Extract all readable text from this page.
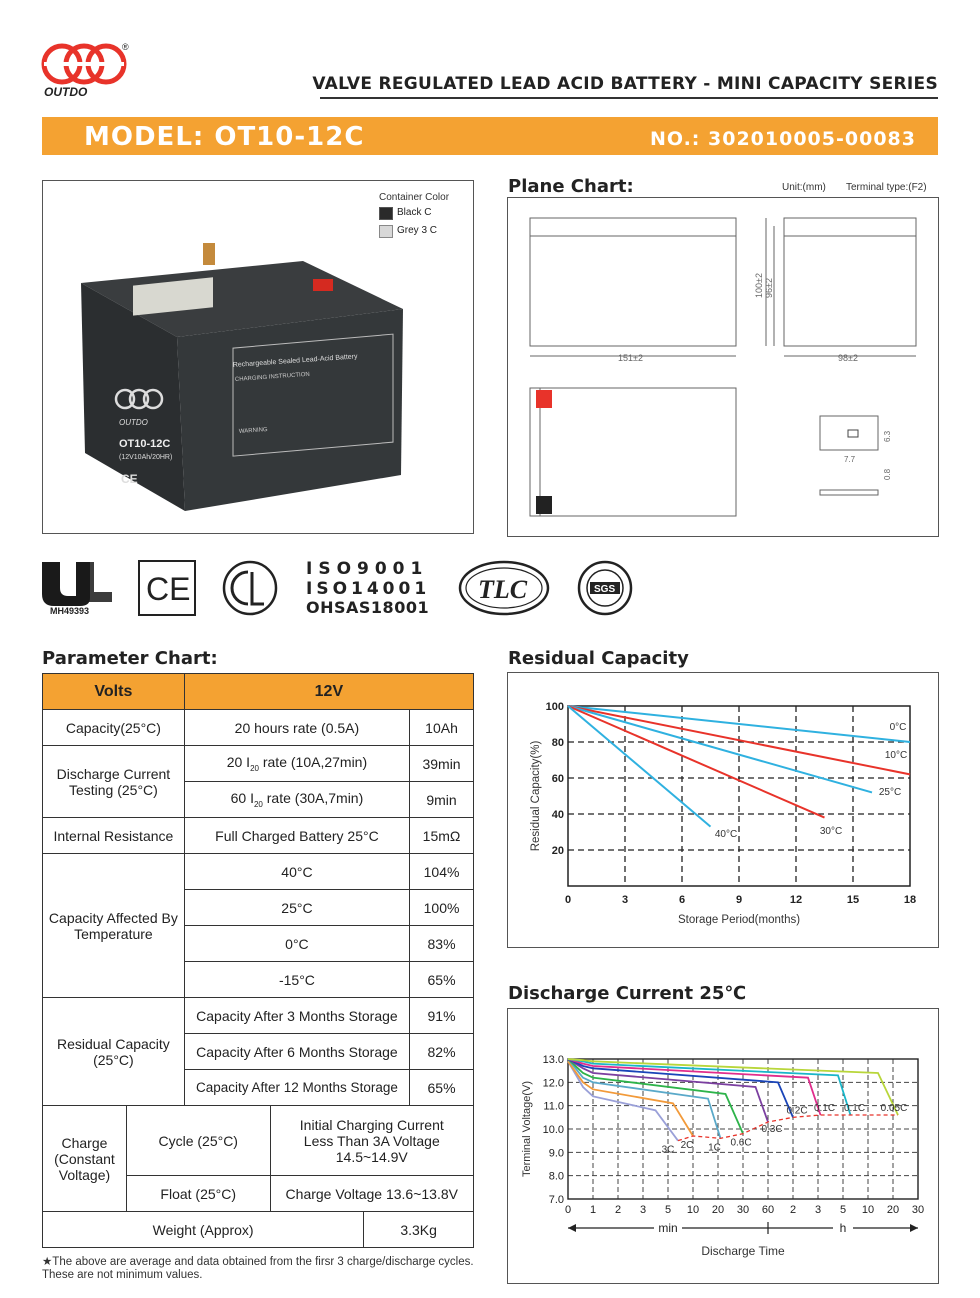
OUTDO
®
VALVE REGULATED LEAD ACID BATTERY - MINI CAPACITY SERIES
MODEL: OT10-12C	NO.: 302010005-00083
Container Color
Black C
Grey 3 C
Rechargeable Sealed Lead-Acid Battery
CHARGING INSTRUCTION
WARNING
OUTDO
OT10-12C
(12V10Ah/20HR)
CE
Plane Chart:	Unit:(mm) Terminal type:(F2)
151±2	98±2
100±2 96±2
6.3
7.7
0.8
MH49393
CE
ISO9001
ISO14001
OHSAS18001
TLC	SGS
Parameter Chart:
Volts		12V			
Capacity(25°C)		20 hours rate (0.5A)			10Ah
Discharge Current Testing (25°C)		20 $I_{20}$ rate (10A,27min)			39min
		60 $I_{20}$ rate (30A,7min)			9min
Internal Resistance		Full Charged Battery 25°C			15mΩ
Capacity Affected By Temperature		40°C			104%
		25°C			100%
		0°C			83%
		-15°C			65%
Residual Capacity (25°C)		Capacity After 3 Months Storage			91%
		Capacity After 6 Months Storage			82%
		Capacity After 12 Months Storage			65%
Charge (Constant Voltage)	Cycle (25°C)		Initial Charging Current Less Than 3A Voltage 14.5~14.9V		
	Float (25°C)		Charge Voltage 13.6~13.8V		
Weight (Approx)				3.3Kg	
★The above are average and data obtained from the firsr 3 charge/discharge cycles. These are not minimum values.
Residual Capacity
0	3	6	9	12	15	18
20
40
60
80
100
0°C
10°C
25°C
30°C
40°C
Storage Period(months)
Residual Capacity(%)
Discharge Current 25℃
7.0
8.0
9.0
10.0
11.0
12.0
13.0
0 1 2 3 5 10 20 30 60 2 3 5 10 20 30
3C 2C 1C 0.6C
0.3C
0.2C 0.1C 0.1C 0.05C
min	h
Discharge Time
Terminal Voltage(V)
